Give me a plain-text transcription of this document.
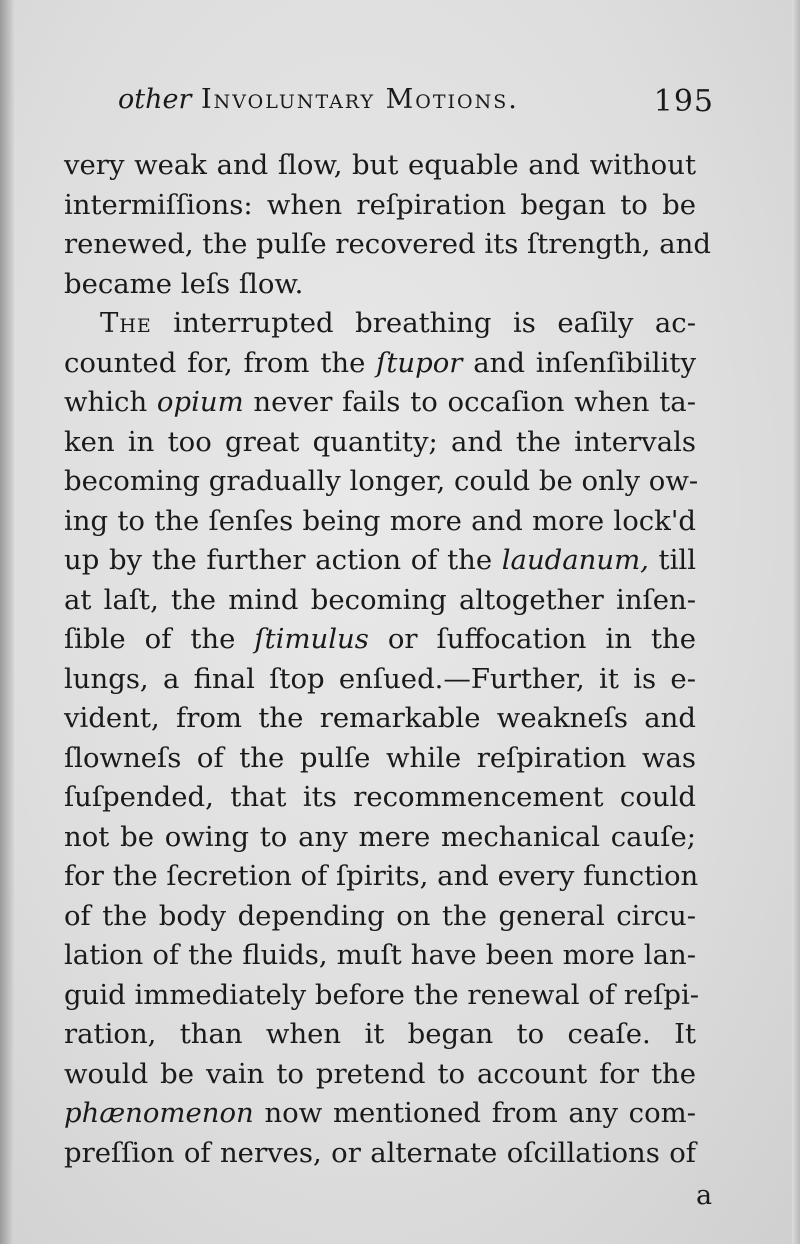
other Involuntary Motions.	195
very weak and ſlow, but equable and without
intermiſſions: when reſpiration began to be
renewed, the pulſe recovered its ſtrength, and
became leſs ſlow.
The interrupted breathing is eaſily ac-
counted for, from the ſtupor and inſenſibility
which opium never fails to occaſion when ta-
ken in too great quantity; and the intervals
becoming gradually longer, could be only ow-
ing to the ſenſes being more and more lock'd
up by the further action of the laudanum, till
at laſt, the mind becoming altogether inſen-
ſible of the ſtimulus or ſuffocation in the
lungs, a final ſtop enſued.—Further, it is e-
vident, from the remarkable weakneſs and
ſlowneſs of the pulſe while reſpiration was
ſuſpended, that its recommencement could
not be owing to any mere mechanical cauſe;
for the ſecretion of ſpirits, and every function
of the body depending on the general circu-
lation of the fluids, muſt have been more lan-
guid immediately before the renewal of reſpi-
ration, than when it began to ceaſe. It
would be vain to pretend to account for the
phænomenon now mentioned from any com-
preſſion of nerves, or alternate oſcillations of
a
